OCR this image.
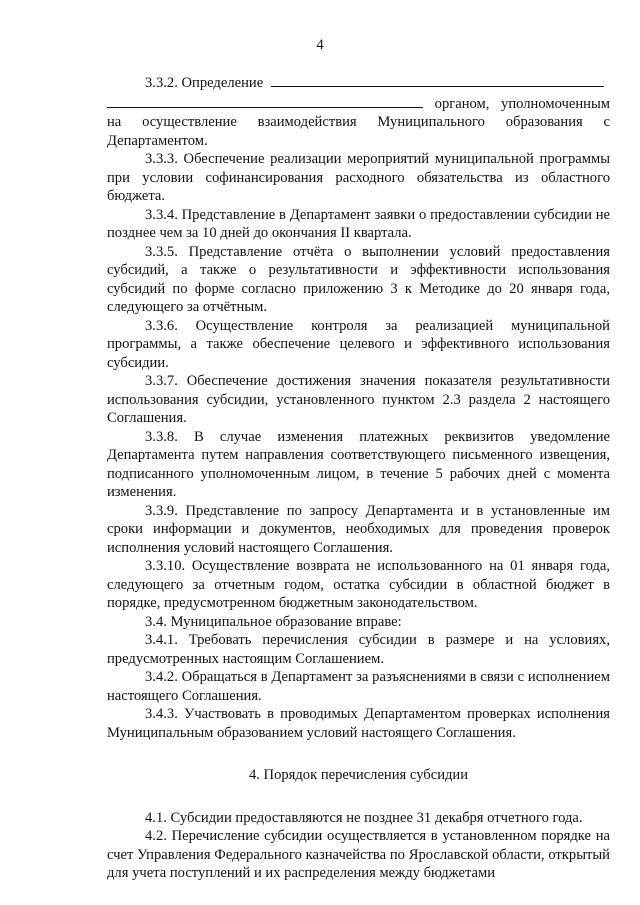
4
3.3.2. Определение
органом, уполномоченным на осуществление взаимодействия Муниципального образования с Департаментом.
3.3.3. Обеспечение реализации мероприятий муниципальной программы при условии софинансирования расходного обязательства из областного бюджета.
3.3.4. Представление в Департамент заявки о предоставлении субсидии не позднее чем за 10 дней до окончания II квартала.
3.3.5. Представление отчёта о выполнении условий предоставления субсидий, а также о результативности и эффективности использования субсидий по форме согласно приложению 3 к Методике до 20 января года, следующего за отчётным.
3.3.6. Осуществление контроля за реализацией муниципальной программы, а также обеспечение целевого и эффективного использования субсидии.
3.3.7. Обеспечение достижения значения показателя результативности использования субсидии, установленного пунктом 2.3 раздела 2 настоящего Соглашения.
3.3.8. В случае изменения платежных реквизитов уведомление Департамента путем направления соответствующего письменного извещения, подписанного уполномоченным лицом, в течение 5 рабочих дней с момента изменения.
3.3.9. Представление по запросу Департамента и в установленные им сроки информации и документов, необходимых для проведения проверок исполнения условий настоящего Соглашения.
3.3.10. Осуществление возврата не использованного на 01 января года, следующего за отчетным годом, остатка субсидии в областной бюджет в порядке, предусмотренном бюджетным законодательством.
3.4. Муниципальное образование вправе:
3.4.1. Требовать перечисления субсидии в размере и на условиях, предусмотренных настоящим Соглашением.
3.4.2. Обращаться в Департамент за разъяснениями в связи с исполнением настоящего Соглашения.
3.4.3. Участвовать в проводимых Департаментом проверках исполнения Муниципальным образованием условий настоящего Соглашения.
4. Порядок перечисления субсидии
4.1. Субсидии предоставляются не позднее 31 декабря отчетного года.
4.2. Перечисление субсидии осуществляется в установленном порядке на счет Управления Федерального казначейства по Ярославской области, открытый для учета поступлений и их распределения между бюджетами
